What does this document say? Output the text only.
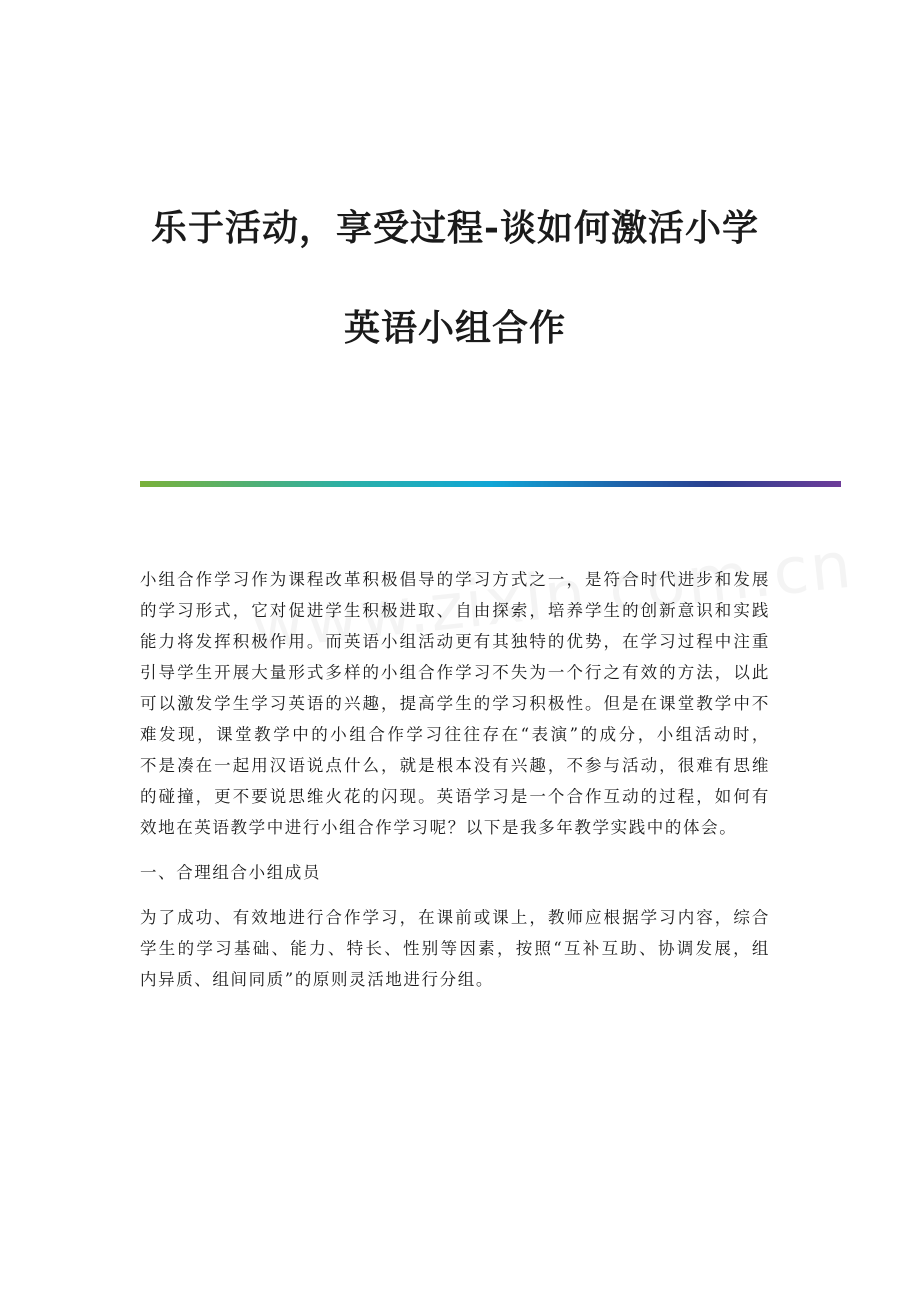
乐于活动，享受过程-谈如何激活小学
英语小组合作
小组合作学习作为课程改革积极倡导的学习方式之一，是符合时代进步和发展
的学习形式，它对促进学生积极进取、自由探索，培养学生的创新意识和实践
能力将发挥积极作用。而英语小组活动更有其独特的优势，在学习过程中注重
引导学生开展大量形式多样的小组合作学习不失为一个行之有效的方法，以此
可以激发学生学习英语的兴趣，提高学生的学习积极性。但是在课堂教学中不
难发现，课堂教学中的小组合作学习往往存在“表演”的成分，小组活动时，
不是凑在一起用汉语说点什么，就是根本没有兴趣，不参与活动，很难有思维
的碰撞，更不要说思维火花的闪现。英语学习是一个合作互动的过程，如何有
效地在英语教学中进行小组合作学习呢？以下是我多年教学实践中的体会。
一、合理组合小组成员
为了成功、有效地进行合作学习，在课前或课上，教师应根据学习内容，综合
学生的学习基础、能力、特长、性别等因素，按照“互补互助、协调发展，组
内异质、组间同质”的原则灵活地进行分组。
